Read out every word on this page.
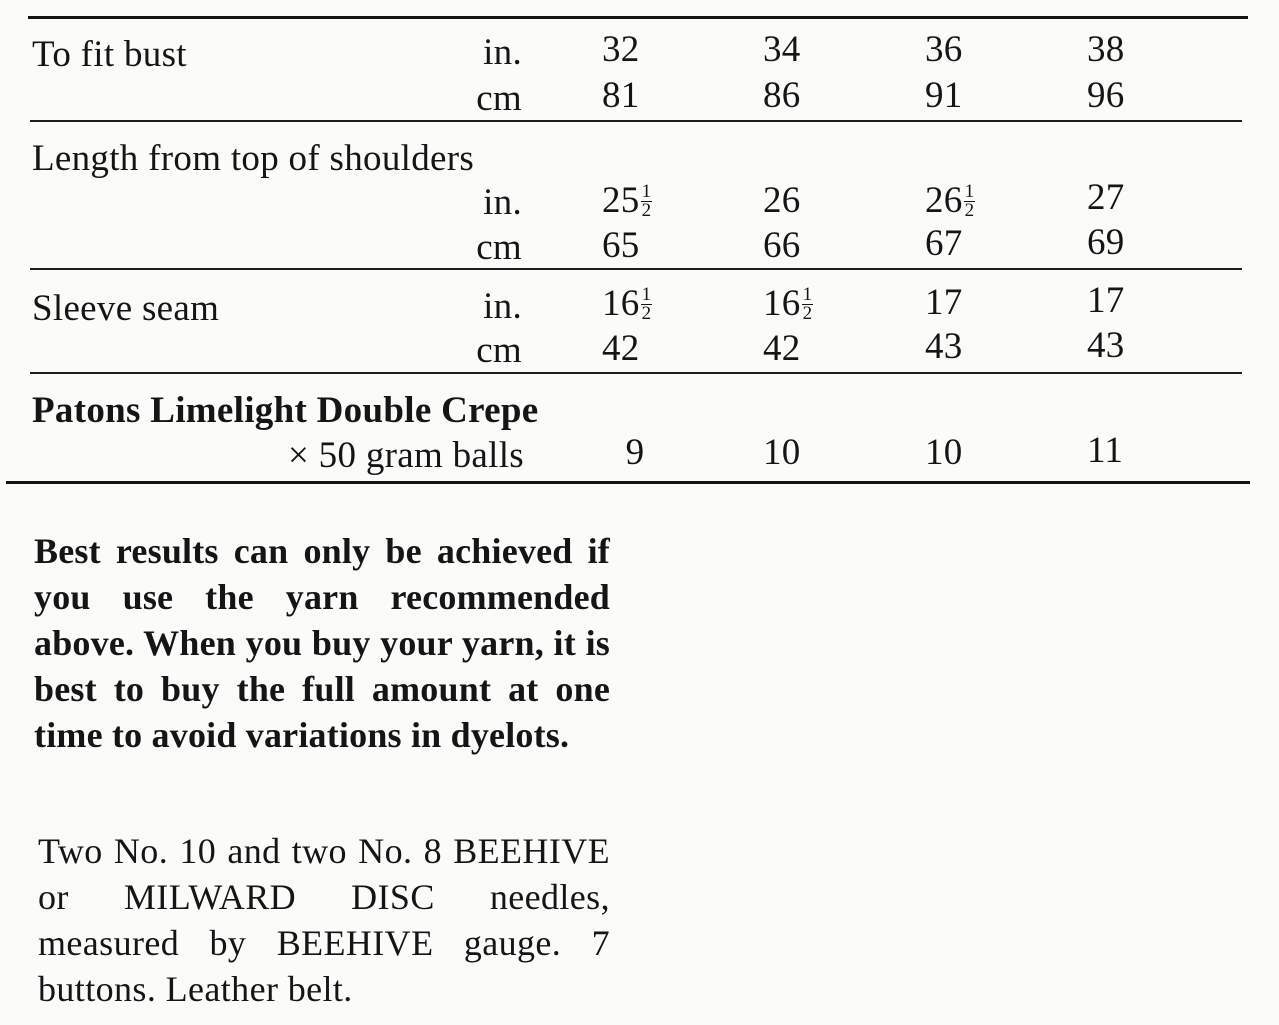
To fit bust	in. 32	34	36	38
cm 81	86	91	96
Length from top of shoulders
in. $25 \frac{1}{2}$	26	$26 \frac{1}{2}$	27
cm 65	66	67	69
Sleeve seam	in. $16 \frac{1}{2}$	$16 \frac{1}{2}$	17	17
cm 42	42	43	43
Patons Limelight Double Crepe
× 50 gram balls	9	10	10	11
Best results can only be achieved if you use the yarn recommended above. When you buy your yarn, it is best to buy the full amount at one time to avoid variations in dyelots.
Two No. 10 and two No. 8 BEEHIVE or MILWARD DISC needles, measured by BEEHIVE gauge. 7 buttons. Leather belt.
